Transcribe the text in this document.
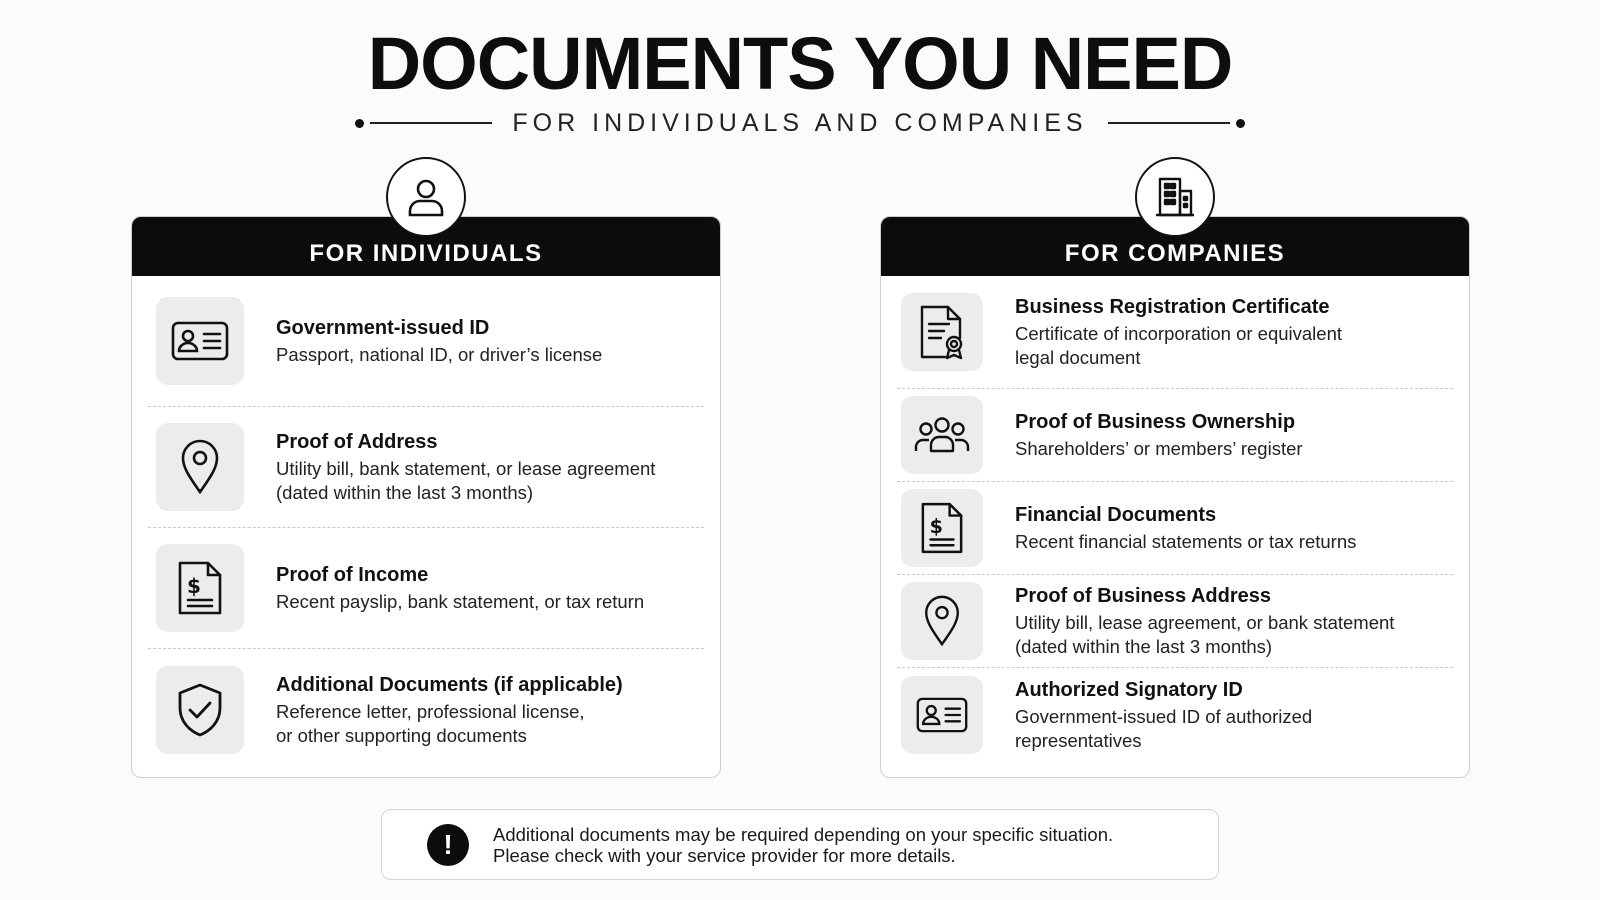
DOCUMENTS YOU NEED
FOR INDIVIDUALS AND COMPANIES
FOR INDIVIDUALS
Government-issued ID
Passport, national ID, or driver’s license
Proof of Address
Utility bill, bank statement, or lease agreement
(dated within the last 3 months)
$	Proof of Income
Recent payslip, bank statement, or tax return
Additional Documents (if applicable)
Reference letter, professional license,
or other supporting documents
FOR COMPANIES
Business Registration Certificate
Certificate of incorporation or equivalent
legal document
Proof of Business Ownership
Shareholders’ or members’ register
$	Financial Documents
Recent financial statements or tax returns
Proof of Business Address
Utility bill, lease agreement, or bank statement
(dated within the last 3 months)
Authorized Signatory ID
Government-issued ID of authorized
representatives
!	Additional documents may be required depending on your specific situation.
Please check with your service provider for more details.
